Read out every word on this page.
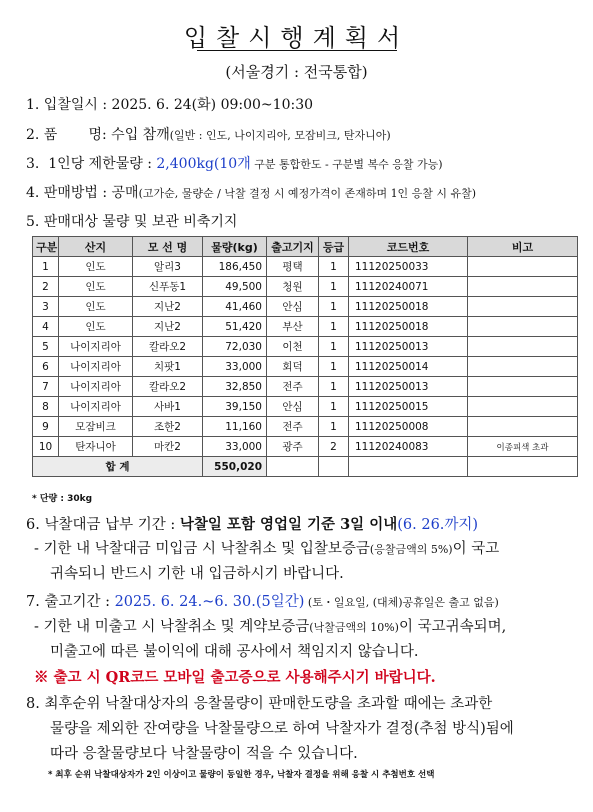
입찰시행계획서
(서울경기 : 전국통합)
1. 입찰일시 : 2025. 6. 24(화) 09:00~10:30
2. 품       명: 수입 참깨(일반 : 인도, 나이지리아, 모잠비크, 탄자니아)
3.  1인당 제한물량 : 2,400kg(10개 구분 통합한도 - 구분별 복수 응찰 가능)
4. 판매방법 : 공매(고가순, 물량순 / 낙찰 결정 시 예정가격이 존재하며 1인 응찰 시 유찰)
5. 판매대상 물량 및 보관 비축기지
구분	산지	모 선 명	물량(kg)	출고기지	등급	코드번호	비고
1	인도	알리3	186,450	평택	1	11120250033	
2	인도	신푸동1	49,500	청원	1	11120240071	
3	인도	지난2	41,460	안심	1	11120250018	
4	인도	지난2	51,420	부산	1	11120250018	
5	나이지리아	칼라오2	72,030	이천	1	11120250013	
6	나이지리아	치팟1	33,000	회덕	1	11120250014	
7	나이지리아	칼라오2	32,850	전주	1	11120250013	
8	나이지리아	사바1	39,150	안심	1	11120250015	
9	모잠비크	조한2	11,160	전주	1	11120250008	
10	탄자니아	마칸2	33,000	광주	2	11120240083	이종피색 초과
합 계			550,020				
* 단량 : 30kg
6. 낙찰대금 납부 기간 : 낙찰일 포함 영업일 기준 3일 이내(6. 26.까지)
- 기한 내 낙찰대금 미입금 시 낙찰취소 및 입찰보증금(응찰금액의 5%)이 국고
귀속되니 반드시 기한 내 입금하시기 바랍니다.
7. 출고기간 : 2025. 6. 24.~6. 30.(5일간) (토・일요일, (대체)공휴일은 출고 없음)
- 기한 내 미출고 시 낙찰취소 및 계약보증금(낙찰금액의 10%)이 국고귀속되며,
미출고에 따른 불이익에 대해 공사에서 책임지지 않습니다.
※ 출고 시 QR코드 모바일 출고증으로 사용해주시기 바랍니다.
8. 최후순위 낙찰대상자의 응찰물량이 판매한도량을 초과할 때에는 초과한
물량을 제외한 잔여량을 낙찰물량으로 하여 낙찰자가 결정(추첨 방식)됨에
따라 응찰물량보다 낙찰물량이 적을 수 있습니다.
* 최후 순위 낙찰대상자가 2인 이상이고 물량이 동일한 경우, 낙찰자 결정을 위해 응찰 시 추첨번호 선택
